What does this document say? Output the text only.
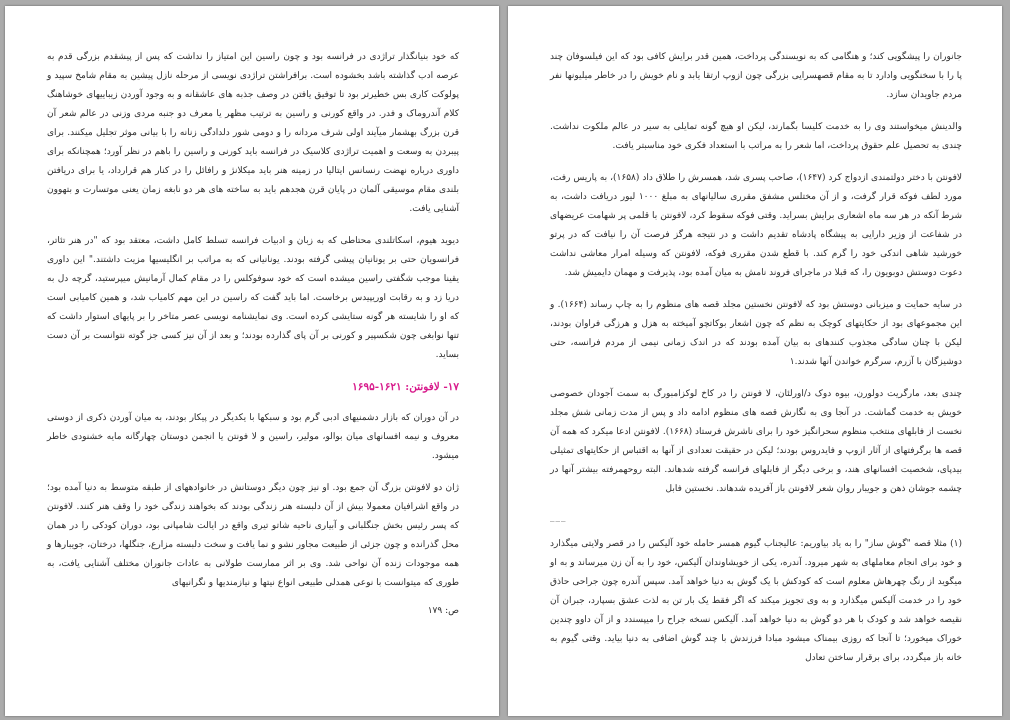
که خود بنیانگذار تراژدی در فرانسه بود و چون راسین این امتیاز را نداشت که پس از پیشقدم بزرگی قدم به عرصه ادب گذاشته باشد بخشوده است. برافراشتن تراژدی نویسی از مرحله نازل پیشین به مقام شامخ سپید و پولوکت کاری بس خطیرتر بود تا توفیق یافتن در وصف جذبه های عاشقانه و به وجود آوردن زیباییهای خوشاهنگ کلام آندروماک و فدر. در واقع کورنی و راسین به ترتیب مظهر یا معرف دو جنبه مردی وزنی در عالم شعر آن قرن بزرگ بهشمار میآیند اولی شرف مردانه را و دومی شور دلدادگی زنانه را با بیانی موثر تجلیل میکنند. برای پیبردن به وسعت و اهمیت تراژدی کلاسیک در فرانسه باید کورنی و راسین را باهم در نظر آورد؛ همچنانکه برای داوری درباره نهضت رنسانس ایتالیا در زمینه هنر باید میکلانژ و رافائل را در کنار هم قرارداد، یا برای دریافتن بلندی مقام موسیقی آلمان در پایان قرن هجدهم باید به ساخته های هر دو نابغه زمان یعنی موتسارت و بتهوون آشنایی یافت.

دیوید هیوم، اسکاتلندی محتاطی که به زبان و ادبیات فرانسه تسلط کامل داشت، معتقد بود که "در هنر تئاتر، فرانسویان حتی بر یونانیان پیشی گرفته بودند. یونانیانی که به مراتب بر انگلیسیها مزیت داشتند." این داوری یقینا موجب شگفتی راسین میشده است که خود سوفوکلس را در مقام کمال آرمانیش میپرستید، گرچه دل به دریا زد و به رقابت اوریپیدس برخاست. اما باید گفت که راسین در این مهم کامیاب شد، و همین کامیابی است که او را شایسته هر گونه ستایشی کرده است. وی نمایشنامه نویسی عصر متاخر را بر پایهای استوار داشت که تنها نوابغی چون شکسپیر و کورنی بر آن پای گذارده بودند؛ و بعد از آن نیز کسی جز گوته نتوانست بر آن دست بساید.

۱۷- لافونتن: ۱۶۲۱-۱۶۹۵

در آن دوران که بازار دشمنیهای ادبی گرم بود و سبکها با یکدیگر در پیکار بودند، به میان آوردن ذکری از دوستی معروف و نیمه افسانهای میان بوالو، مولیر، راسین و لا فونتن یا انجمن دوستان چهارگانه مایه خشنودی خاطر میشود.

ژان دو لافونتن بزرگ آن جمع بود. او نیز چون دیگر دوستانش در خانوادههای از طبقه متوسط به دنیا آمده بود؛ در واقع اشرافیان معمولا بیش از آن دلبسته هنر زندگی بودند که بخواهند زندگی خود را وقف هنر کنند. لافونتن که پسر رئیس بخش جنگلبانی و آبیاری ناحیه شاتو تیری واقع در ایالت شامپانی بود، دوران کودکی را در همان محل گذرانده و چون جزئی از طبیعت مجاور نشو و نما یافت و سخت دلبسته مزارع، جنگلها، درختان، جویبارها و همه موجودات زنده آن نواحی شد. وی بر اثر ممارست طولانی به عادات جانوران مختلف آشنایی یافت، به طوری که میتوانست با نوعی همدلی طبیعی انواع نیتها و نیازمندیها و نگرانیهای

ص: ۱۷۹

جانوران را پیشگویی کند؛ و هنگامی که به نویسندگی پرداخت، همین قدر برایش کافی بود که این فیلسوفان چند پا را با سخنگویی وادارد تا به مقام قصهسرایی بزرگی چون ازوپ ارتقا یابد و نام خویش را در خاطر میلیونها نفر مردم جاویدان سازد.

والدینش میخواستند وی را به خدمت کلیسا بگمارند، لیکن او هیچ گونه تمایلی به سیر در عالم ملکوت نداشت. چندی به تحصیل علم حقوق پرداخت، اما شعر را به مراتب با استعداد فکری خود مناسبتر یافت.

لافونتن با دختر دولتمندی ازدواج کرد (۱۶۴۷)، صاحب پسری شد، همسرش را طلاق داد (۱۶۵۸)، به پاریس رفت، مورد لطف فوکه قرار گرفت، و از آن مختلس مشفق مقرری سالیانهای به مبلغ ۱۰۰۰ لیور دریافت داشت، به شرط آنکه در هر سه ماه اشعاری برایش بسراید. وقتی فوکه سقوط کرد، لافونتن با قلمی پر شهامت عریضهای در شفاعت از وزیر دارایی به پیشگاه پادشاه تقدیم داشت و در نتیجه هرگز فرصت آن را نیافت که در پرتو خورشید شاهی اندکی خود را گرم کند. با قطع شدن مقرری فوکه، لافونتن که وسیله امرار معاشی نداشت دعوت دوستش دوبویون را، که قبلا در ماجرای فروند نامش به میان آمده بود، پذیرفت و مهمان دایمیش شد.

در سایه حمایت و میزبانی دوستش بود که لافونتن نخستین مجلد قصه های منظوم را به چاپ رساند (۱۶۶۴). و این مجموعهای بود از حکایتهای کوچک به نظم که چون اشعار بوکاتچو آمیخته به هزل و هرزگی فراوان بودند، لیکن با چنان سادگی مجذوب کنندهای به بیان آمده بودند که در اندک زمانی نیمی از مردم فرانسه، حتی دوشیزگان با آزرم، سرگرم خواندن آنها شدند.۱

چندی بعد، مارگریت دولورن، بیوه دوک د/اورلئان، لا فونتن را در کاخ لوکزامبورگ به سمت آجودان خصوصی خویش به خدمت گماشت. در آنجا وی به نگارش قصه های منظوم ادامه داد و پس از مدت زمانی شش مجلد نخست از فابلهای منتخب منظوم سحرانگیز خود را برای ناشرش فرستاد (۱۶۶۸). لافونتن ادعا میکرد که همه آن قصه ها برگرفتهای از آثار ازوپ و فایدروس بودند؛ لیکن در حقیقت تعدادی از آنها به اقتباس از حکایتهای تمثیلی بیدپای، شخصیت افسانهای هند، و برخی دیگر از فابلهای فرانسه گرفته شدهاند. البته روحهمرفته بیشتر آنها در چشمه جوشان ذهن و جویبار روان شعر لافونتن باز آفریده شدهاند. نخستین فابل

___

(۱) مثلا قصه "گوش ساز" را به یاد بیاوریم: عالیجناب گیوم همسر حامله خود آلیکس را در قصر ولایتی میگذارد و خود برای انجام معاملهای به شهر میرود. آندره، یکی از خویشاوندان آلیکس، خود را به آن زن میرساند و به او میگوید از رنگ چهرهاش معلوم است که کودکش با یک گوش به دنیا خواهد آمد. سپس آندره چون جراحی حاذق خود را در خدمت آلیکس میگذارد و به وی تجویز میکند که اگر فقط یک بار تن به لذت عشق بسپارد، جبران آن نقیصه خواهد شد و کودک با هر دو گوش به دنیا خواهد آمد. آلیکس نسخه جراح را میپسندد و از آن داوو چندین خوراک میخورد؛ تا آنجا که روزی بیمناک میشود مبادا فرزندش با چند گوش اضافی به دنیا بیاید. وقتی گیوم به خانه باز میگردد، برای برقرار ساختن تعادل
